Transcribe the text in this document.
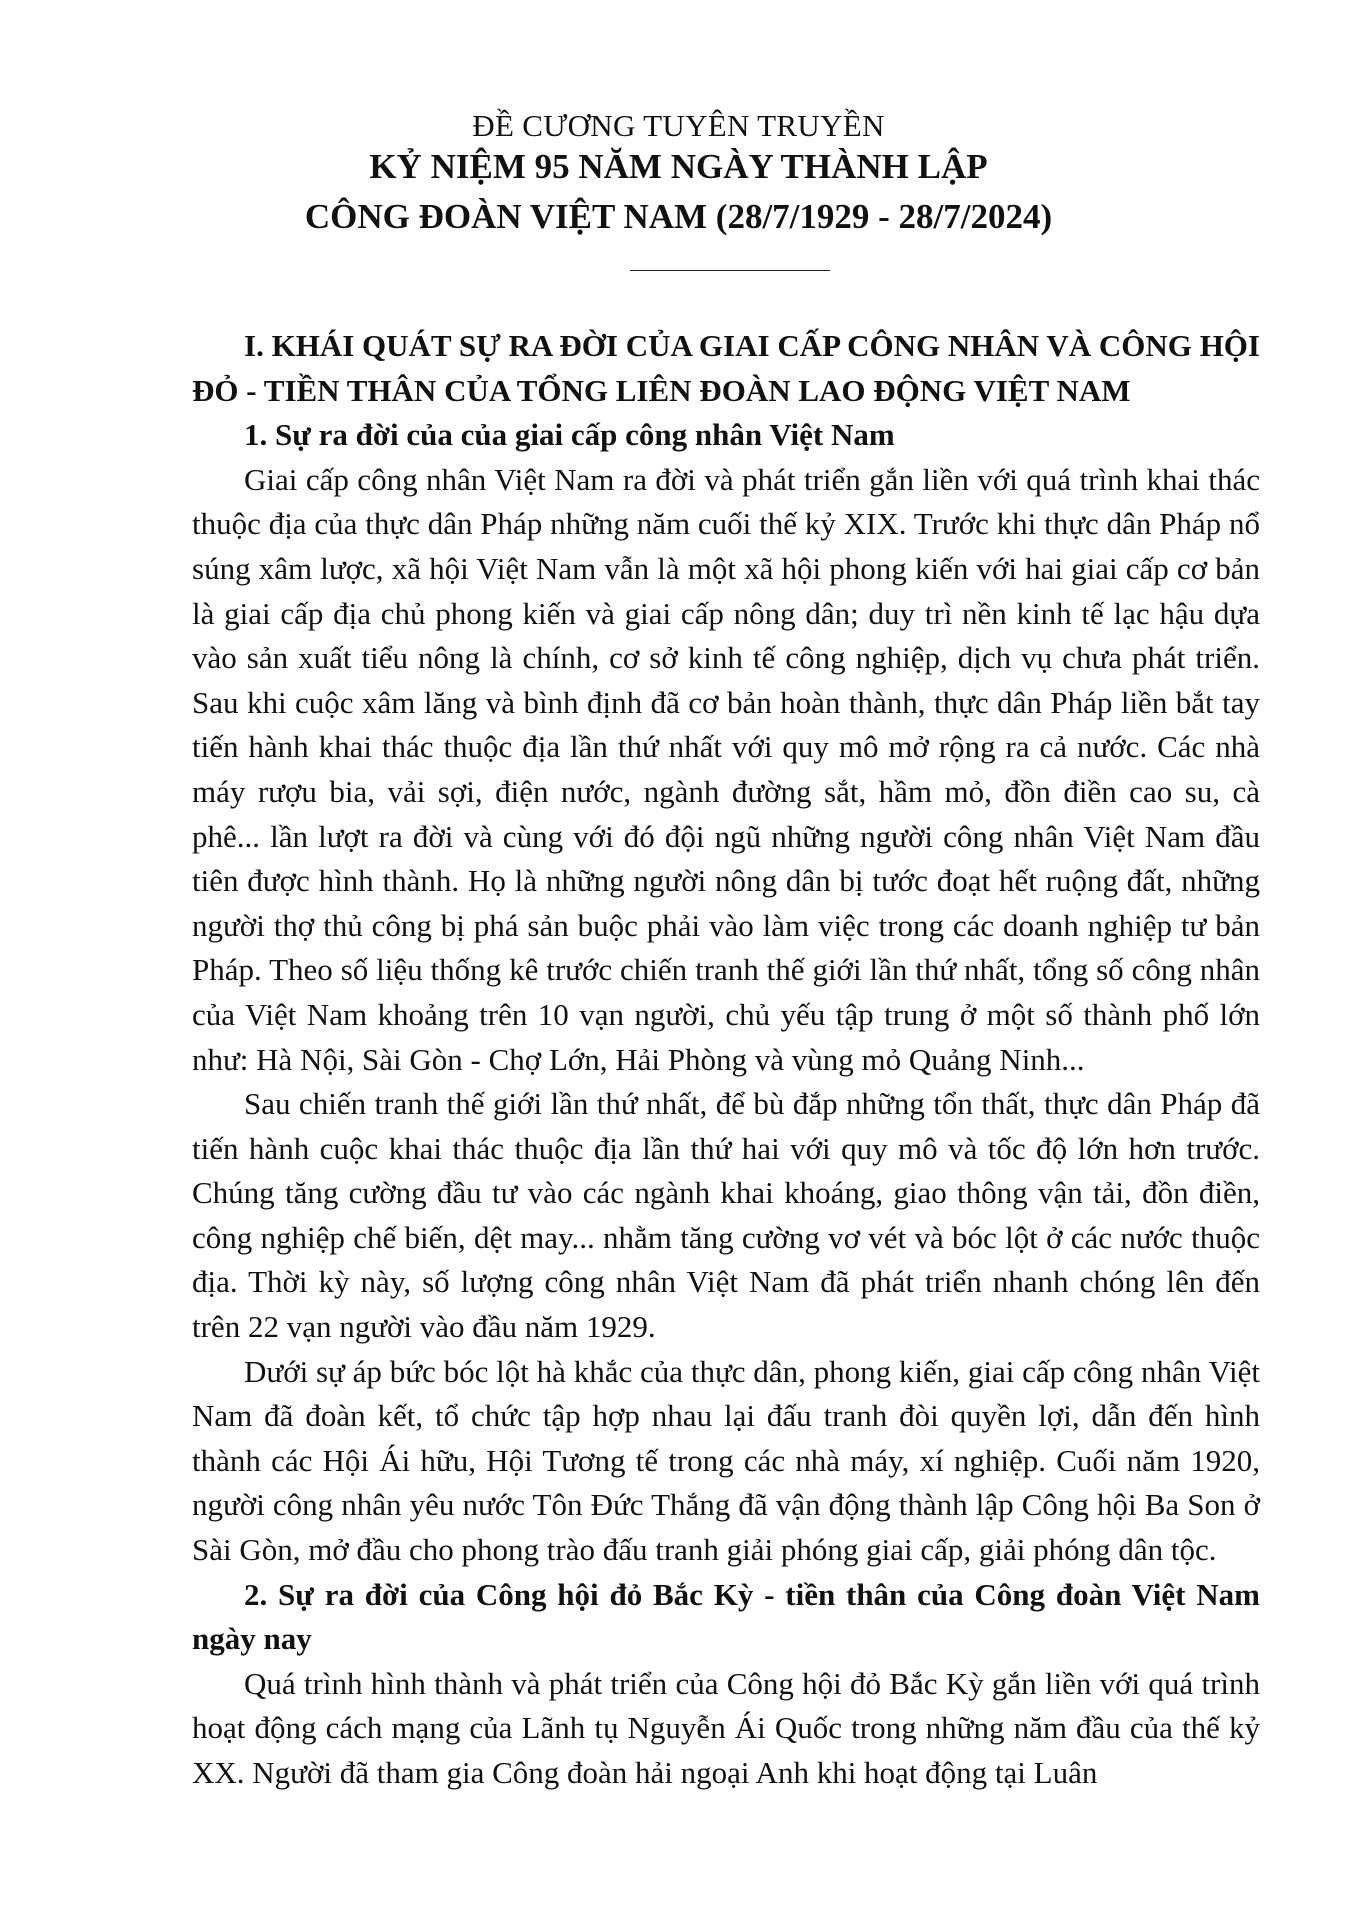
ĐỀ CƯƠNG TUYÊN TRUYỀN
KỶ NIỆM 95 NĂM NGÀY THÀNH LẬP
CÔNG ĐOÀN VIỆT NAM (28/7/1929 - 28/7/2024)

I. KHÁI QUÁT SỰ RA ĐỜI CỦA GIAI CẤP CÔNG NHÂN VÀ CÔNG HỘI ĐỎ - TIỀN THÂN CỦA TỔNG LIÊN ĐOÀN LAO ĐỘNG VIỆT NAM

1. Sự ra đời của của giai cấp công nhân Việt Nam

Giai cấp công nhân Việt Nam ra đời và phát triển gắn liền với quá trình khai thác thuộc địa của thực dân Pháp những năm cuối thế kỷ XIX. Trước khi thực dân Pháp nổ súng xâm lược, xã hội Việt Nam vẫn là một xã hội phong kiến với hai giai cấp cơ bản là giai cấp địa chủ phong kiến và giai cấp nông dân; duy trì nền kinh tế lạc hậu dựa vào sản xuất tiểu nông là chính, cơ sở kinh tế công nghiệp, dịch vụ chưa phát triển. Sau khi cuộc xâm lăng và bình định đã cơ bản hoàn thành, thực dân Pháp liền bắt tay tiến hành khai thác thuộc địa lần thứ nhất với quy mô mở rộng ra cả nước. Các nhà máy rượu bia, vải sợi, điện nước, ngành đường sắt, hầm mỏ, đồn điền cao su, cà phê... lần lượt ra đời và cùng với đó đội ngũ những người công nhân Việt Nam đầu tiên được hình thành. Họ là những người nông dân bị tước đoạt hết ruộng đất, những người thợ thủ công bị phá sản buộc phải vào làm việc trong các doanh nghiệp tư bản Pháp. Theo số liệu thống kê trước chiến tranh thế giới lần thứ nhất, tổng số công nhân của Việt Nam khoảng trên 10 vạn người, chủ yếu tập trung ở một số thành phố lớn như: Hà Nội, Sài Gòn - Chợ Lớn, Hải Phòng và vùng mỏ Quảng Ninh...

Sau chiến tranh thế giới lần thứ nhất, để bù đắp những tổn thất, thực dân Pháp đã tiến hành cuộc khai thác thuộc địa lần thứ hai với quy mô và tốc độ lớn hơn trước. Chúng tăng cường đầu tư vào các ngành khai khoáng, giao thông vận tải, đồn điền, công nghiệp chế biến, dệt may... nhằm tăng cường vơ vét và bóc lột ở các nước thuộc địa. Thời kỳ này, số lượng công nhân Việt Nam đã phát triển nhanh chóng lên đến trên 22 vạn người vào đầu năm 1929.

Dưới sự áp bức bóc lột hà khắc của thực dân, phong kiến, giai cấp công nhân Việt Nam đã đoàn kết, tổ chức tập hợp nhau lại đấu tranh đòi quyền lợi, dẫn đến hình thành các Hội Ái hữu, Hội Tương tế trong các nhà máy, xí nghiệp. Cuối năm 1920, người công nhân yêu nước Tôn Đức Thắng đã vận động thành lập Công hội Ba Son ở Sài Gòn, mở đầu cho phong trào đấu tranh giải phóng giai cấp, giải phóng dân tộc.

2. Sự ra đời của Công hội đỏ Bắc Kỳ - tiền thân của Công đoàn Việt Nam ngày nay

Quá trình hình thành và phát triển của Công hội đỏ Bắc Kỳ gắn liền với quá trình hoạt động cách mạng của Lãnh tụ Nguyễn Ái Quốc trong những năm đầu của thế kỷ XX. Người đã tham gia Công đoàn hải ngoại Anh khi hoạt động tại Luân
